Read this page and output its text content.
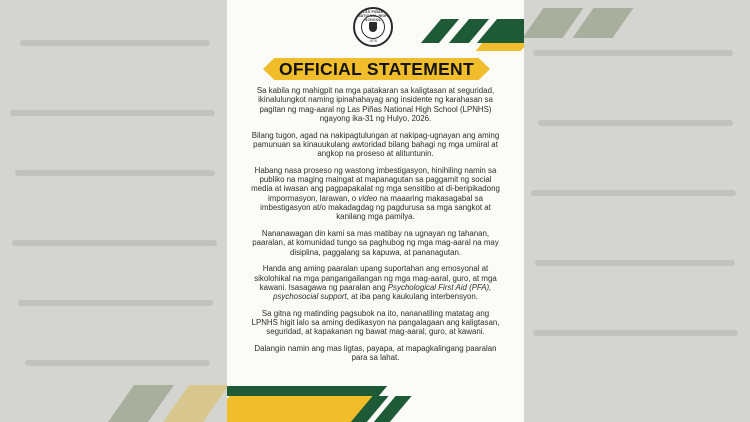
LAS PIÑAS NATIONAL HIGH SCHOOL
1976
OFFICIAL STATEMENT

Sa kabila ng mahigpit na mga patakaran sa kaligtasan at seguridad, ikinalulungkot naming ipinahahayag ang insidente ng karahasan sa pagitan ng mag-aaral ng Las Piñas National High School (LPNHS) ngayong ika-31 ng Hulyo, 2026.

Bilang tugon, agad na nakipagtulungan at nakipag-ugnayan ang aming pamunuan sa kinauukulang awtoridad bilang bahagi ng mga umiiral at angkop na proseso at alituntunin.

Habang nasa proseso ng wastong imbestigasyon, hinihiling namin sa publiko na maging maingat at mapanagutan sa paggamit ng social media at iwasan ang pagpapakalat ng mga sensitibo at di-beripikadong impormasyon, larawan, o video na maaaring makasagabal sa imbestigasyon at/o makadagdag ng pagdurusa sa mga sangkot at kanilang mga pamilya.

Nananawagan din kami sa mas matibay na ugnayan ng tahanan, paaralan, at komunidad tungo sa paghubog ng mga mag-aaral na may disiplina, paggalang sa kapuwa, at pananagutan.

Handa ang aming paaralan upang suportahan ang emosyonal at sikolohikal na mga pangangailangan ng mga mag-aaral, guro, at mga kawani. Isasagawa ng paaralan ang Psychological First Aid (PFA), psychosocial support, at iba pang kaukulang interbensyon.

Sa gitna ng matinding pagsubok na ito, nananatiling matatag ang LPNHS higit lalo sa aming dedikasyon na pangalagaan ang kaligtasan, seguridad, at kapakanan ng bawat mag-aaral, guro, at kawani.

Dalangin namin ang mas ligtas, payapa, at mapagkalingang paaralan para sa lahat.
